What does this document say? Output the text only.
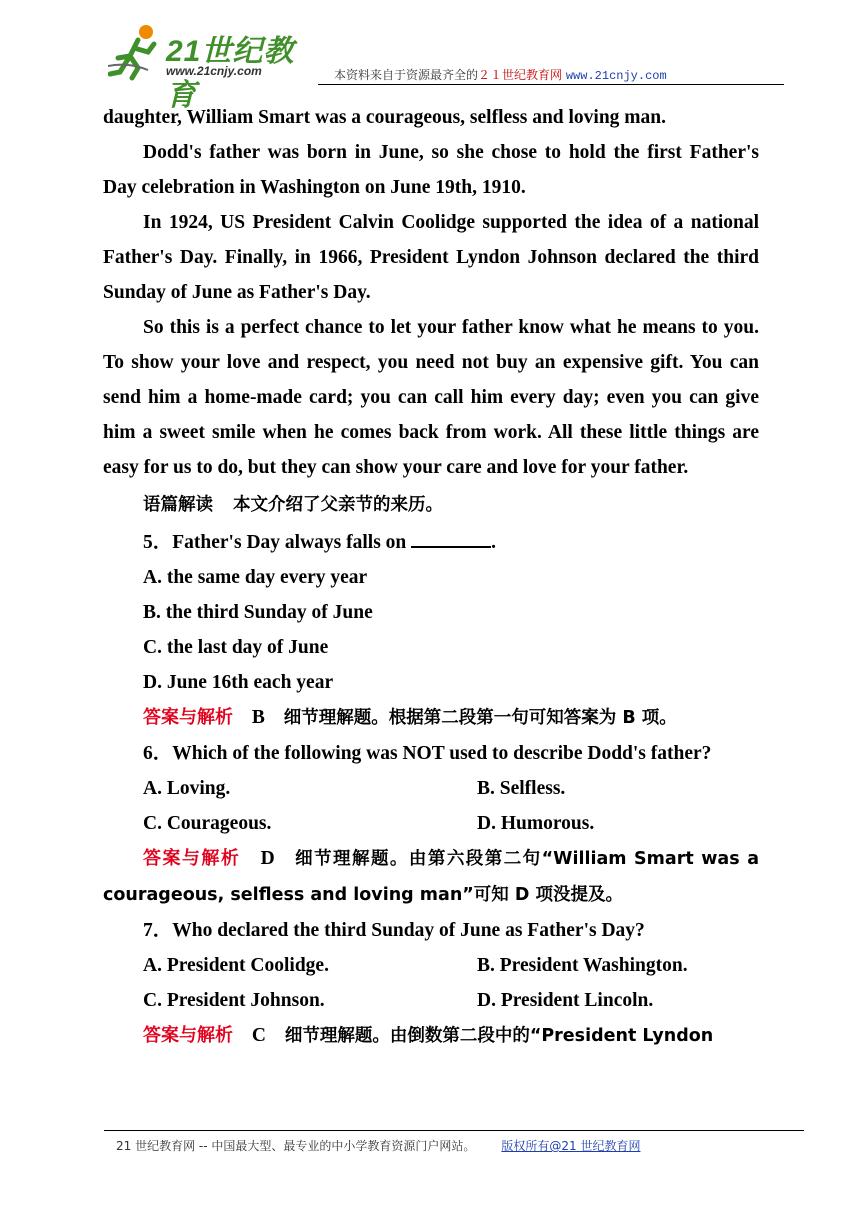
21世纪教育
www.21cnjy.com	本资料来自于资源最齐全的２１世纪教育网 www.21cnjy.com

daughter, William Smart was a courageous, selfless and loving man.

Dodd's father was born in June, so she chose to hold the first Father's Day celebration in Washington on June 19th, 1910.

In 1924, US President Calvin Coolidge supported the idea of a national Father's Day. Finally, in 1966, President Lyndon Johnson declared the third Sunday of June as Father's Day.

So this is a perfect chance to let your father know what he means to you. To show your love and respect, you need not buy an expensive gift. You can send him a home-made card; you can call him every day; even you can give him a sweet smile when he comes back from work. All these little things are easy for us to do, but they can show your care and love for your father.

语篇解读 本文介绍了父亲节的来历。

5．Father's Day always falls on	.

A. the same day every year

B. the third Sunday of June

C. the last day of June

D. June 16th each year

答案与解析 B 细节理解题。根据第二段第一句可知答案为 B 项。

6．Which of the following was NOT used to describe Dodd's father?

A. Loving.	B. Selfless.
C. Courageous.	D. Humorous.

答案与解析 D 细节理解题。由第六段第二句“William Smart was a courageous, selfless and loving man”可知 D 项没提及。

7．Who declared the third Sunday of June as Father's Day?

A. President Coolidge.	B. President Washington.
C. President Johnson.	D. President Lincoln.

答案与解析 C 细节理解题。由倒数第二段中的“President Lyndon

21 世纪教育网 -- 中国最大型、最专业的中小学教育资源门户网站。 版权所有@21 世纪教育网
